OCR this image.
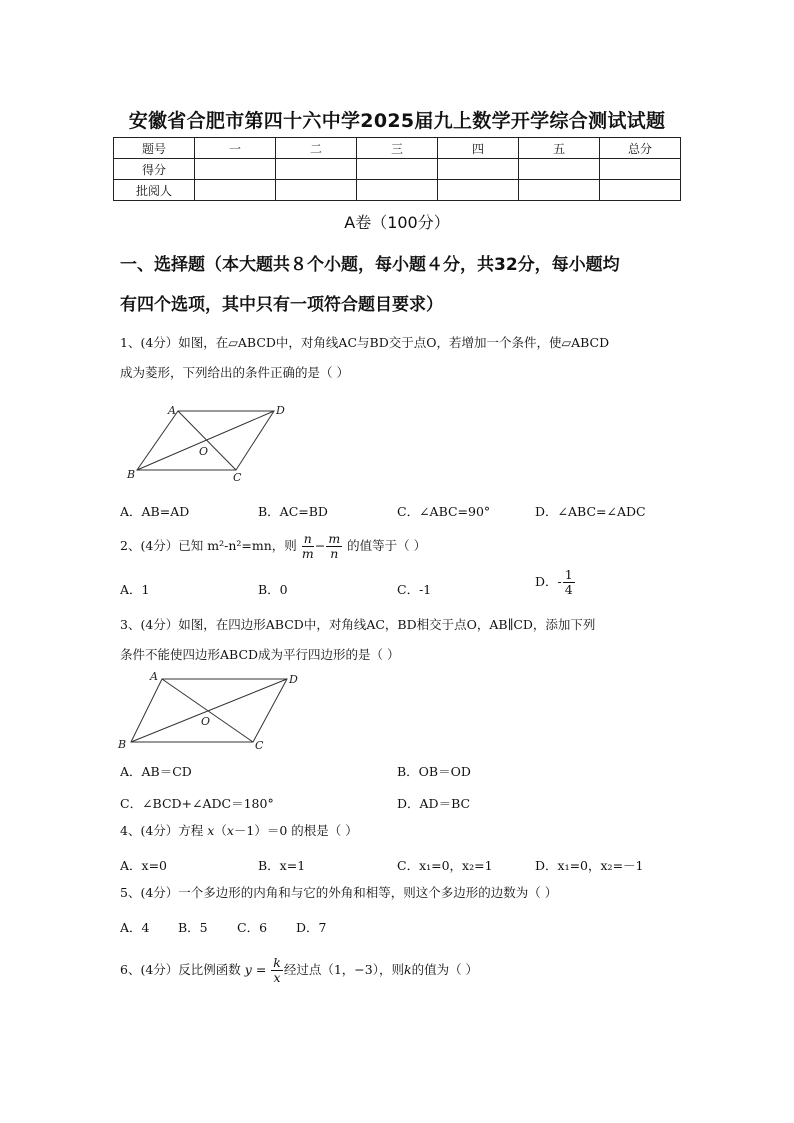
安徽省合肥市第四十六中学2025届九上数学开学综合测试试题
题号	一	二	三	四	五	总分
得分						
批阅人						
A卷（100分）
一、选择题（本大题共８个小题，每小题４分，共32分，每小题均
有四个选项，其中只有一项符合题目要求）
1、(4分）如图，在▱ABCD中，对角线AC与BD交于点O，若增加一个条件，使▱ABCD
成为菱形，下列给出的条件正确的是（ ）
A	D
O
B	C
A．AB=AD	B．AC=BD	C．∠ABC=90°	D．∠ABC=∠ADC
2、(4分）已知 m²-n²=mn，则 $\frac{n}{m} - \frac{m}{n}$ 的值等于（ ）
A．1	B．0	C．-1
D．- $\frac{1}{4}$
3、(4分）如图，在四边形ABCD中，对角线AC，BD相交于点O，AB∥CD，添加下列
条件不能使四边形ABCD成为平行四边形的是（ ）
A	D
O
B	C
A．AB＝CD	B．OB＝OD
C．∠BCD+∠ADC＝180°	D．AD＝BC
4、(4分）方程 x（x－1）＝0 的根是（ ）
A．x=0	B．x=1	C．x₁=0，x₂=1	D．x₁=0，x₂=－1
5、(4分）一个多边形的内角和与它的外角和相等，则这个多边形的边数为（ ）
A．4 B．5 C．6 D．7
6、(4分）反比例函数 $y = \frac{k}{x}$ 经过点（1，−3），则k的值为（ ）
